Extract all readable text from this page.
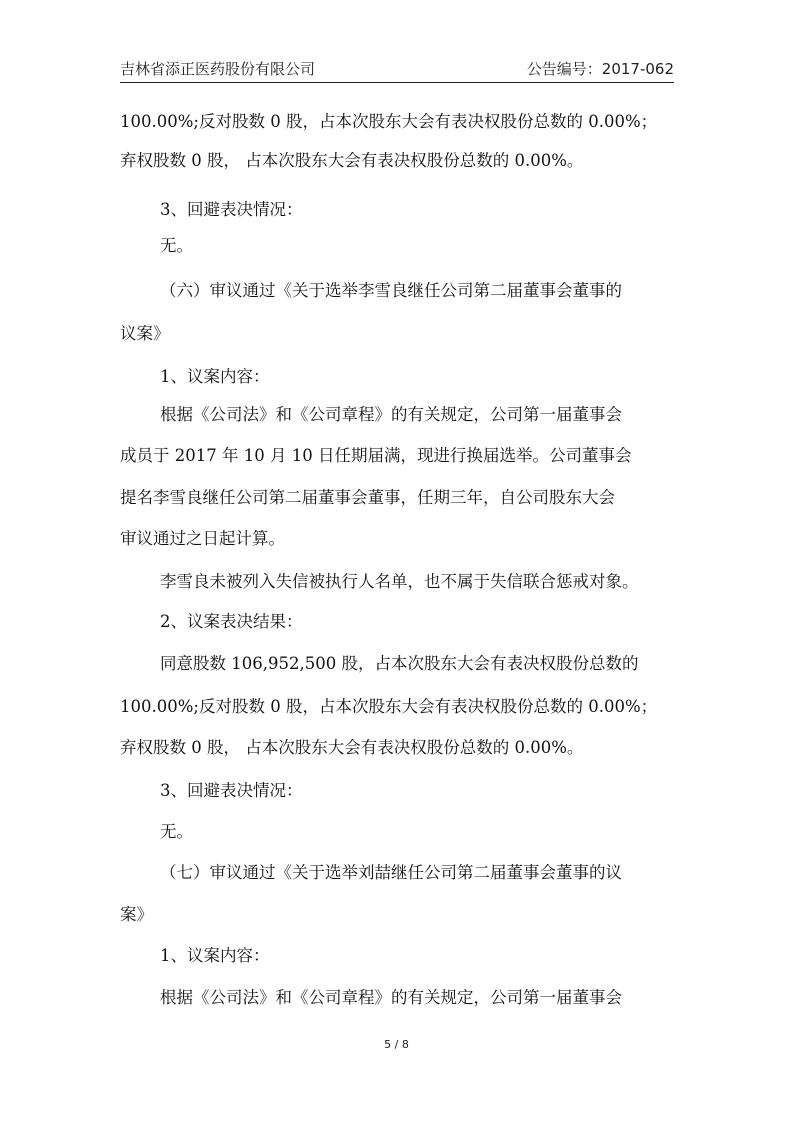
吉林省添正医药股份有限公司	公告编号：2017-062
100.00%;反对股数 0 股，占本次股东大会有表决权股份总数的 0.00%；
弃权股数 0 股， 占本次股东大会有表决权股份总数的 0.00%。
3、回避表决情况：
无。
（六）审议通过《关于选举李雪良继任公司第二届董事会董事的
议案》
1、议案内容：
根据《公司法》和《公司章程》的有关规定，公司第一届董事会
成员于 2017 年 10 月 10 日任期届满，现进行换届选举。公司董事会
提名李雪良继任公司第二届董事会董事，任期三年，自公司股东大会
审议通过之日起计算。
李雪良未被列入失信被执行人名单，也不属于失信联合惩戒对象。
2、议案表决结果：
同意股数 106,952,500 股，占本次股东大会有表决权股份总数的
100.00%;反对股数 0 股，占本次股东大会有表决权股份总数的 0.00%；
弃权股数 0 股， 占本次股东大会有表决权股份总数的 0.00%。
3、回避表决情况：
无。
（七）审议通过《关于选举刘喆继任公司第二届董事会董事的议
案》
1、议案内容：
根据《公司法》和《公司章程》的有关规定，公司第一届董事会
5 / 8
